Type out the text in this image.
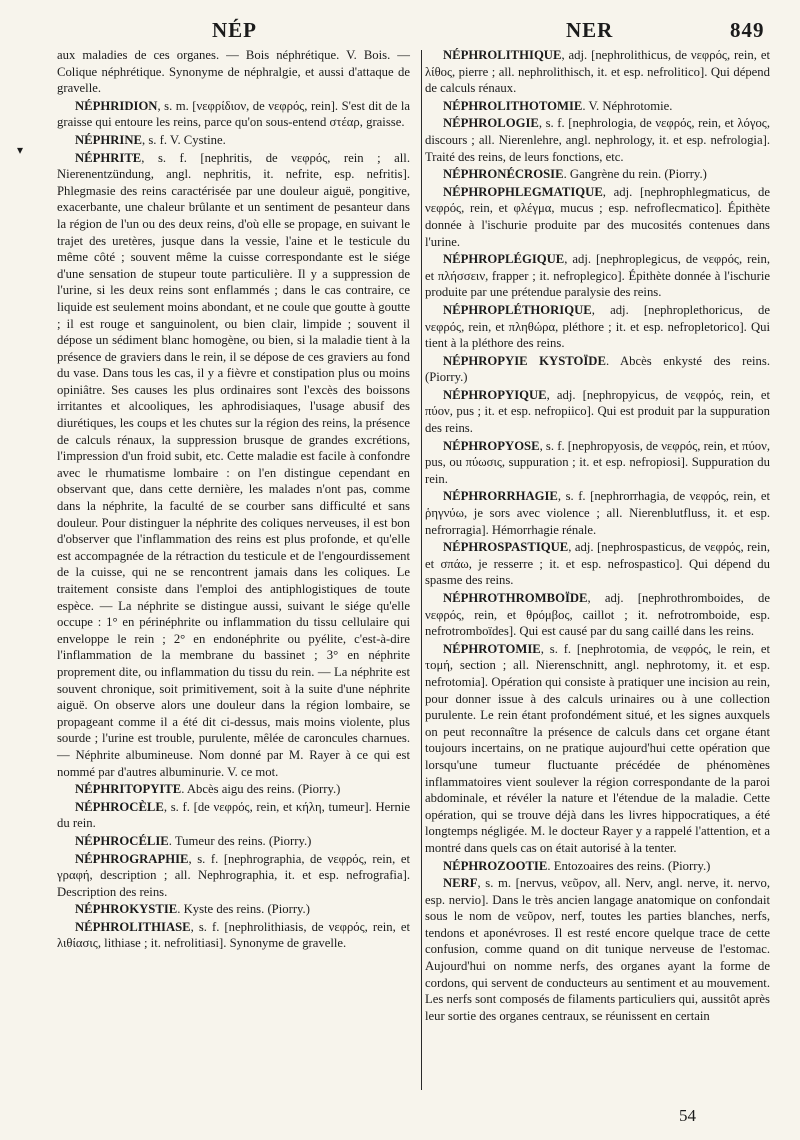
NÉP	NER	849
▾

aux maladies de ces organes. — Bois néphrétique. V. Bois. — Colique néphrétique. Synonyme de néphralgie, et aussi d'attaque de gravelle.

NÉPHRIDION, s. m. [νεφρίδιον, de νεφρός, rein]. S'est dit de la graisse qui entoure les reins, parce qu'on sous-entend στέαρ, graisse.

NÉPHRINE, s. f. V. Cystine.

NÉPHRITE, s. f. [nephritis, de νεφρός, rein ; all. Nierenentzündung, angl. nephritis, it. nefrite, esp. nefritis]. Phlegmasie des reins caractérisée par une douleur aiguë, pongitive, exacerbante, une chaleur brûlante et un sentiment de pesanteur dans la région de l'un ou des deux reins, d'où elle se propage, en suivant le trajet des uretères, jusque dans la vessie, l'aine et le testicule du même côté ; souvent même la cuisse correspondante est le siége d'une sensation de stupeur toute particulière. Il y a suppression de l'urine, si les deux reins sont enflammés ; dans le cas contraire, ce liquide est seulement moins abondant, et ne coule que goutte à goutte ; il est rouge et sanguinolent, ou bien clair, limpide ; souvent il dépose un sédiment blanc homogène, ou bien, si la maladie tient à la présence de graviers dans le rein, il se dépose de ces graviers au fond du vase. Dans tous les cas, il y a fièvre et constipation plus ou moins opiniâtre. Ses causes les plus ordinaires sont l'excès des boissons irritantes et alcooliques, les aphrodisiaques, l'usage abusif des diurétiques, les coups et les chutes sur la région des reins, la présence de calculs rénaux, la suppression brusque de grandes excrétions, l'impression d'un froid subit, etc. Cette maladie est facile à confondre avec le rhumatisme lombaire : on l'en distingue cependant en observant que, dans cette dernière, les malades n'ont pas, comme dans la néphrite, la faculté de se courber sans difficulté et sans douleur. Pour distinguer la néphrite des coliques nerveuses, il est bon d'observer que l'inflammation des reins est plus profonde, et qu'elle est accompagnée de la rétraction du testicule et de l'engourdissement de la cuisse, qui ne se rencontrent jamais dans les coliques. Le traitement consiste dans l'emploi des antiphlogistiques de toute espèce. — La néphrite se distingue aussi, suivant le siége qu'elle occupe : 1° en périnéphrite ou inflammation du tissu cellulaire qui enveloppe le rein ; 2° en endonéphrite ou pyélite, c'est-à-dire l'inflammation de la membrane du bassinet ; 3° en néphrite proprement dite, ou inflammation du tissu du rein. — La néphrite est souvent chronique, soit primitivement, soit à la suite d'une néphrite aiguë. On observe alors une douleur dans la région lombaire, se propageant comme il a été dit ci-dessus, mais moins violente, plus sourde ; l'urine est trouble, purulente, mêlée de caroncules charnues. — Néphrite albumineuse. Nom donné par M. Rayer à ce qui est nommé par d'autres albuminurie. V. ce mot.

NÉPHRITOPYITE. Abcès aigu des reins. (Piorry.)

NÉPHROCÈLE, s. f. [de νεφρός, rein, et κήλη, tumeur]. Hernie du rein.

NÉPHROCÉLIE. Tumeur des reins. (Piorry.)

NÉPHROGRAPHIE, s. f. [nephrographia, de νεφρός, rein, et γραφή, description ; all. Nephrographia, it. et esp. nefrografia]. Description des reins.

NÉPHROKYSTIE. Kyste des reins. (Piorry.)

NÉPHROLITHIASE, s. f. [nephrolithiasis, de νεφρός, rein, et λιθίασις, lithiase ; it. nefrolitiasi]. Synonyme de gravelle.

NÉPHROLITHIQUE, adj. [nephrolithicus, de νεφρός, rein, et λίθος, pierre ; all. nephrolithisch, it. et esp. nefrolitico]. Qui dépend de calculs rénaux.

NÉPHROLITHOTOMIE. V. Néphrotomie.

NÉPHROLOGIE, s. f. [nephrologia, de νεφρός, rein, et λόγος, discours ; all. Nierenlehre, angl. nephrology, it. et esp. nefrologia]. Traité des reins, de leurs fonctions, etc.

NÉPHRONÉCROSIE. Gangrène du rein. (Piorry.)

NÉPHROPHLEGMATIQUE, adj. [nephrophlegmaticus, de νεφρός, rein, et φλέγμα, mucus ; esp. nefroflecmatico]. Épithète donnée à l'ischurie produite par des mucosités contenues dans l'urine.

NÉPHROPLÉGIQUE, adj. [nephroplegicus, de νεφρός, rein, et πλήσσειν, frapper ; it. nefroplegico]. Épithète donnée à l'ischurie produite par une prétendue paralysie des reins.

NÉPHROPLÉTHORIQUE, adj. [nephroplethoricus, de νεφρός, rein, et πληθώρα, pléthore ; it. et esp. nefropletorico]. Qui tient à la pléthore des reins.

NÉPHROPYIE KYSTOÏDE. Abcès enkysté des reins. (Piorry.)

NÉPHROPYIQUE, adj. [nephropyicus, de νεφρός, rein, et πύον, pus ; it. et esp. nefropiico]. Qui est produit par la suppuration des reins.

NÉPHROPYOSE, s. f. [nephropyosis, de νεφρός, rein, et πύον, pus, ou πύωσις, suppuration ; it. et esp. nefropiosi]. Suppuration du rein.

NÉPHRORRHAGIE, s. f. [nephrorrhagia, de νεφρός, rein, et ῥηγνύω, je sors avec violence ; all. Nierenblutfluss, it. et esp. nefrorragia]. Hémorrhagie rénale.

NÉPHROSPASTIQUE, adj. [nephrospasticus, de νεφρός, rein, et σπάω, je resserre ; it. et esp. nefrospastico]. Qui dépend du spasme des reins.

NÉPHROTHROMBOÏDE, adj. [nephrothromboides, de νεφρός, rein, et θρόμβος, caillot ; it. nefrotromboide, esp. nefrotromboïdes]. Qui est causé par du sang caillé dans les reins.

NÉPHROTOMIE, s. f. [nephrotomia, de νεφρός, le rein, et τομή, section ; all. Nierenschnitt, angl. nephrotomy, it. et esp. nefrotomia]. Opération qui consiste à pratiquer une incision au rein, pour donner issue à des calculs urinaires ou à une collection purulente. Le rein étant profondément situé, et les signes auxquels on peut reconnaître la présence de calculs dans cet organe étant toujours incertains, on ne pratique aujourd'hui cette opération que lorsqu'une tumeur fluctuante précédée de phénomènes inflammatoires vient soulever la région correspondante de la paroi abdominale, et révéler la nature et l'étendue de la maladie. Cette opération, qui se trouve déjà dans les livres hippocratiques, a été longtemps négligée. M. le docteur Rayer y a rappelé l'attention, et a montré dans quels cas on était autorisé à la tenter.

NÉPHROZOOTIE. Entozoaires des reins. (Piorry.)

NERF, s. m. [nervus, νεῦρον, all. Nerv, angl. nerve, it. nervo, esp. nervio]. Dans le très ancien langage anatomique on confondait sous le nom de νεῦρον, nerf, toutes les parties blanches, nerfs, tendons et aponévroses. Il est resté encore quelque trace de cette confusion, comme quand on dit tunique nerveuse de l'estomac. Aujourd'hui on nomme nerfs, des organes ayant la forme de cordons, qui servent de conducteurs au sentiment et au mouvement. Les nerfs sont composés de filaments particuliers qui, aussitôt après leur sortie des organes centraux, se réunissent en certain

54
